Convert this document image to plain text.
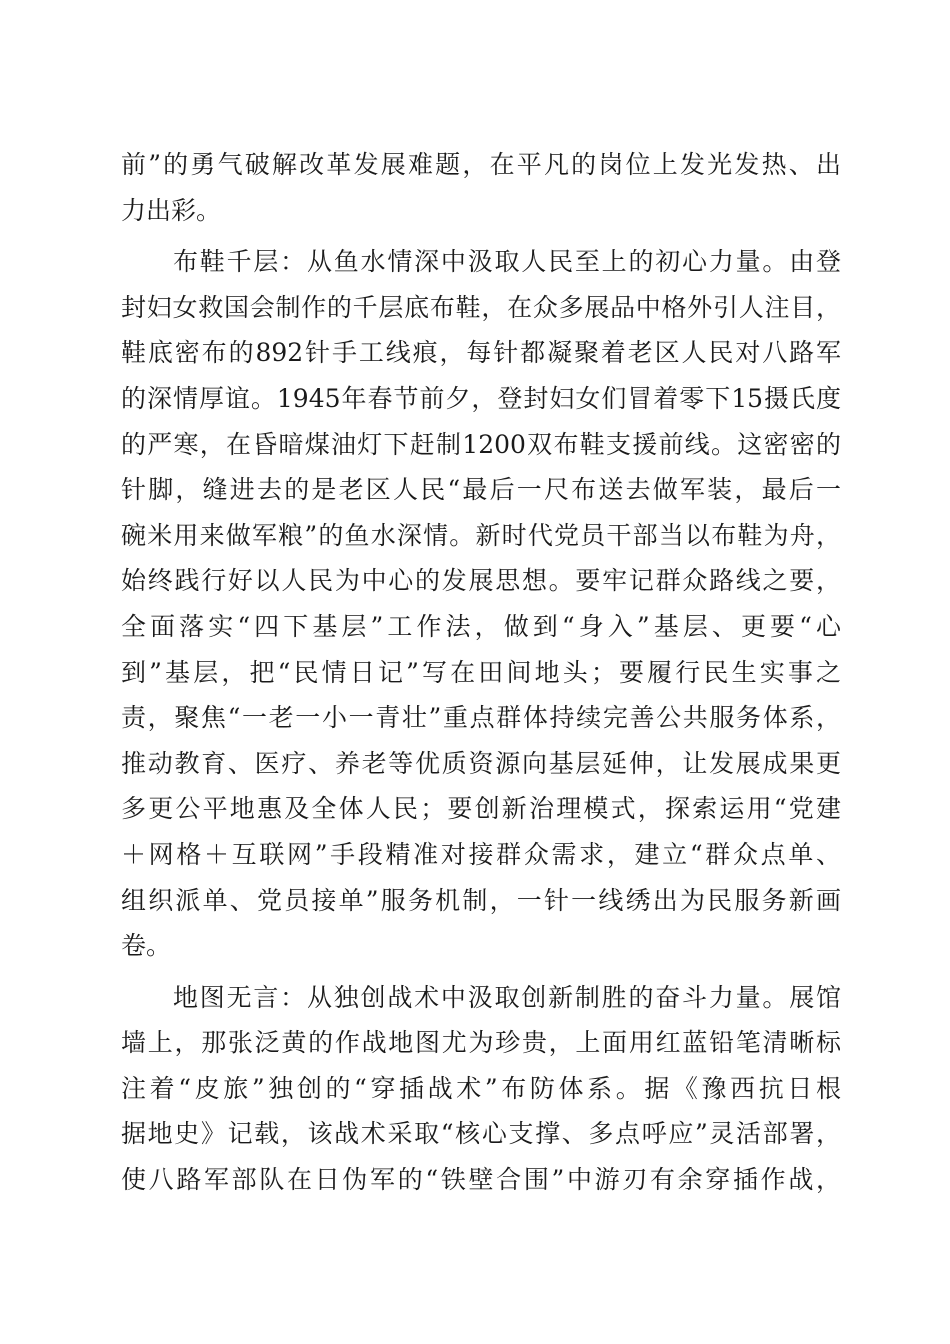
前”的勇气破解改革发展难题，在平凡的岗位上发光发热、出
力出彩。
布鞋千层：从鱼水情深中汲取人民至上的初心力量。由登
封妇女救国会制作的千层底布鞋，在众多展品中格外引人注目，
鞋底密布的892针手工线痕，每针都凝聚着老区人民对八路军
的深情厚谊。1945年春节前夕，登封妇女们冒着零下15摄氏度
的严寒，在昏暗煤油灯下赶制1200双布鞋支援前线。这密密的
针脚，缝进去的是老区人民“最后一尺布送去做军装，最后一
碗米用来做军粮”的鱼水深情。新时代党员干部当以布鞋为舟，
始终践行好以人民为中心的发展思想。要牢记群众路线之要，
全面落实“四下基层”工作法，做到“身入”基层、更要“心
到”基层，把“民情日记”写在田间地头；要履行民生实事之
责，聚焦“一老一小一青壮”重点群体持续完善公共服务体系，
推动教育、医疗、养老等优质资源向基层延伸，让发展成果更
多更公平地惠及全体人民；要创新治理模式，探索运用“党建
＋网格＋互联网”手段精准对接群众需求，建立“群众点单、
组织派单、党员接单”服务机制，一针一线绣出为民服务新画
卷。
地图无言：从独创战术中汲取创新制胜的奋斗力量。展馆
墙上，那张泛黄的作战地图尤为珍贵，上面用红蓝铅笔清晰标
注着“皮旅”独创的“穿插战术”布防体系。据《豫西抗日根
据地史》记载，该战术采取“核心支撑、多点呼应”灵活部署，
使八路军部队在日伪军的“铁壁合围”中游刃有余穿插作战，
